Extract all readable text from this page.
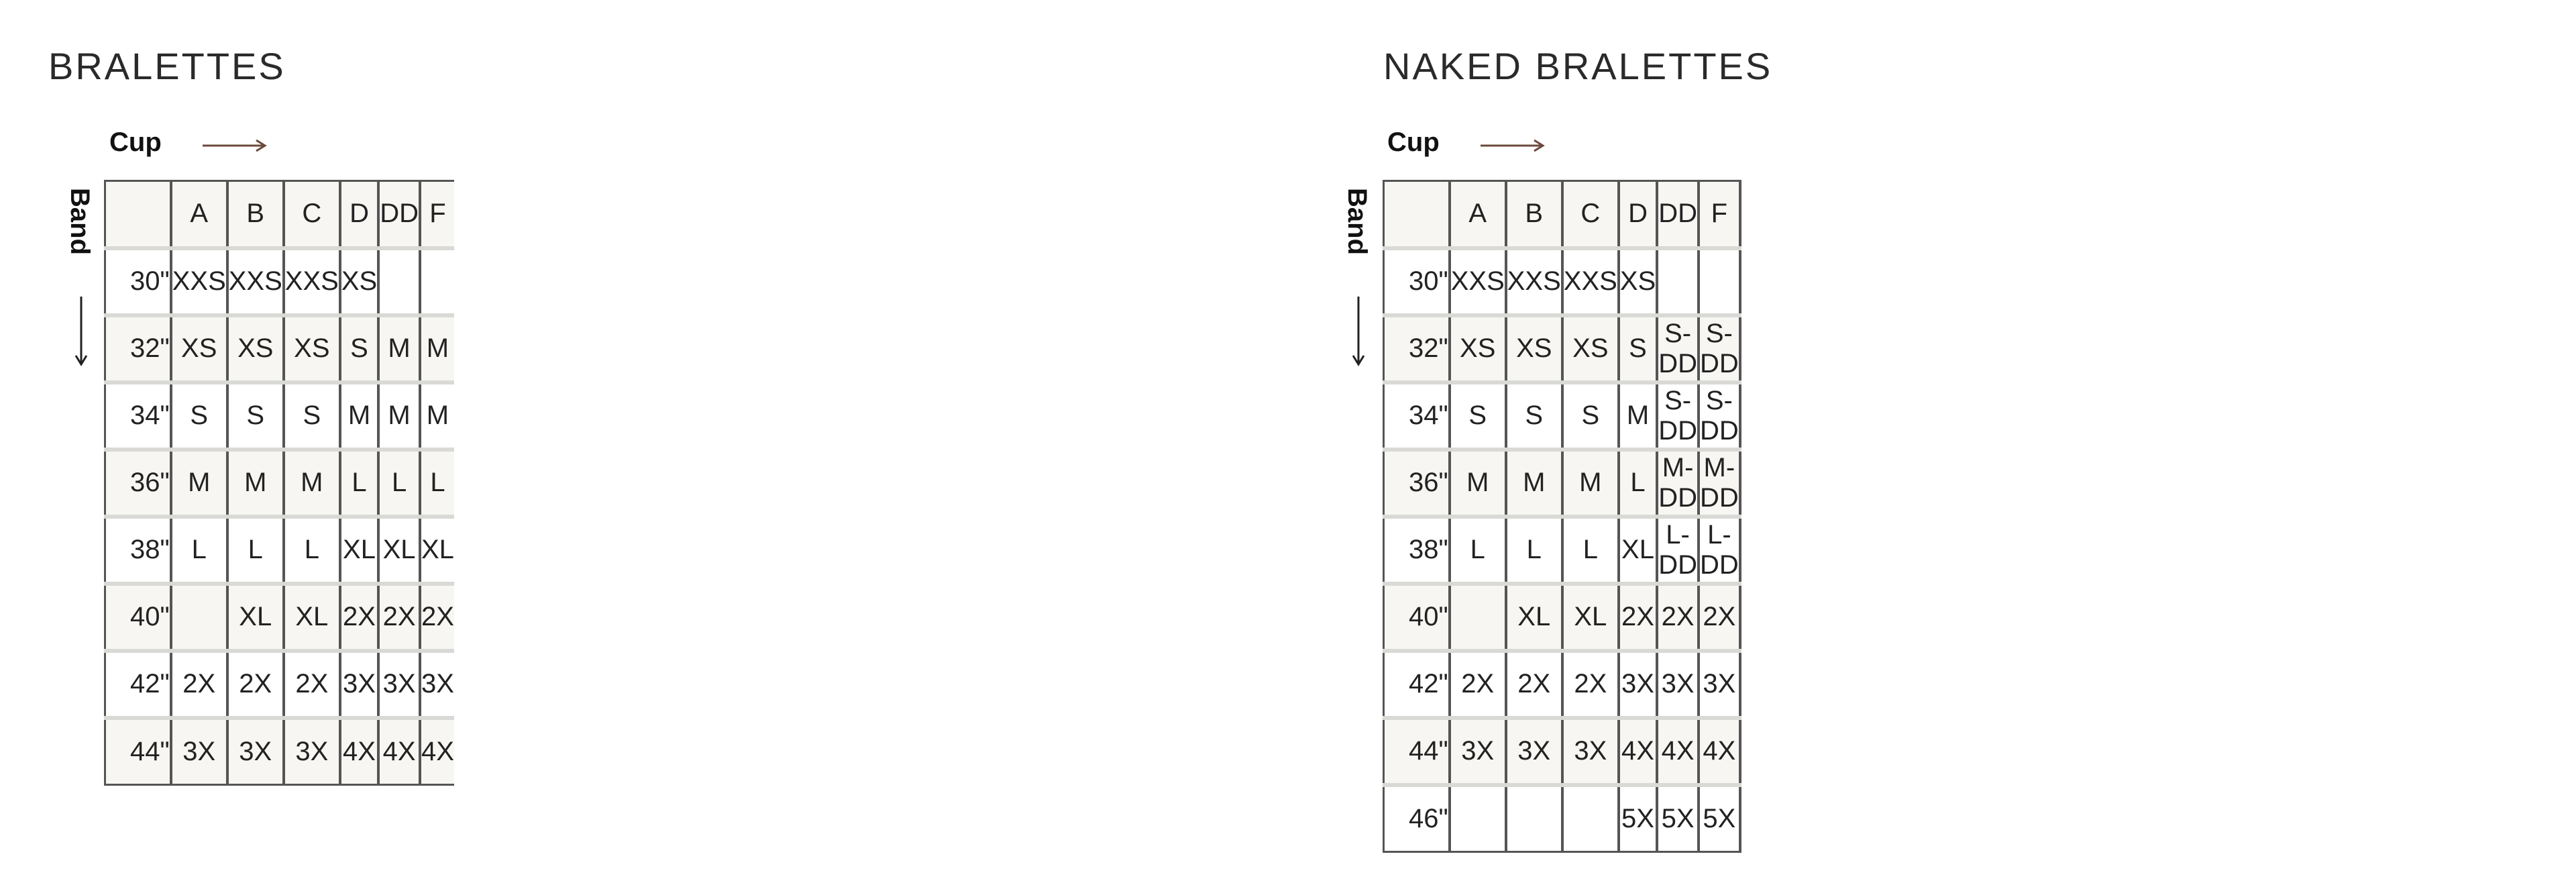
BRALETTES
Cup
Band
		A	B	C	D	DD	F
30"	XXS	XXS	XXS	XS		
32"	XS	XS	XS	S	M	M
34"	S	S	S	M	M	M
36"	M	M	M	L	L	L
38"	L	L	L	XL	XL	XL
40"		XL	XL	2X	2X	2X
42"	2X	2X	2X	3X	3X	3X
44"	3X	3X	3X	4X	4X	4X
NAKED BRALETTES
Cup
Band
		A	B	C	D	DD	F
30"	XXS	XXS	XXS	XS		
32"	XS	XS	XS	S	S-DD	S-DD
34"	S	S	S	M	S-DD	S-DD
36"	M	M	M	L	M-DD	M-DD
38"	L	L	L	XL	L-DD	L-DD
40"		XL	XL	2X	2X	2X
42"	2X	2X	2X	3X	3X	3X
44"	3X	3X	3X	4X	4X	4X
46"				5X	5X	5X
